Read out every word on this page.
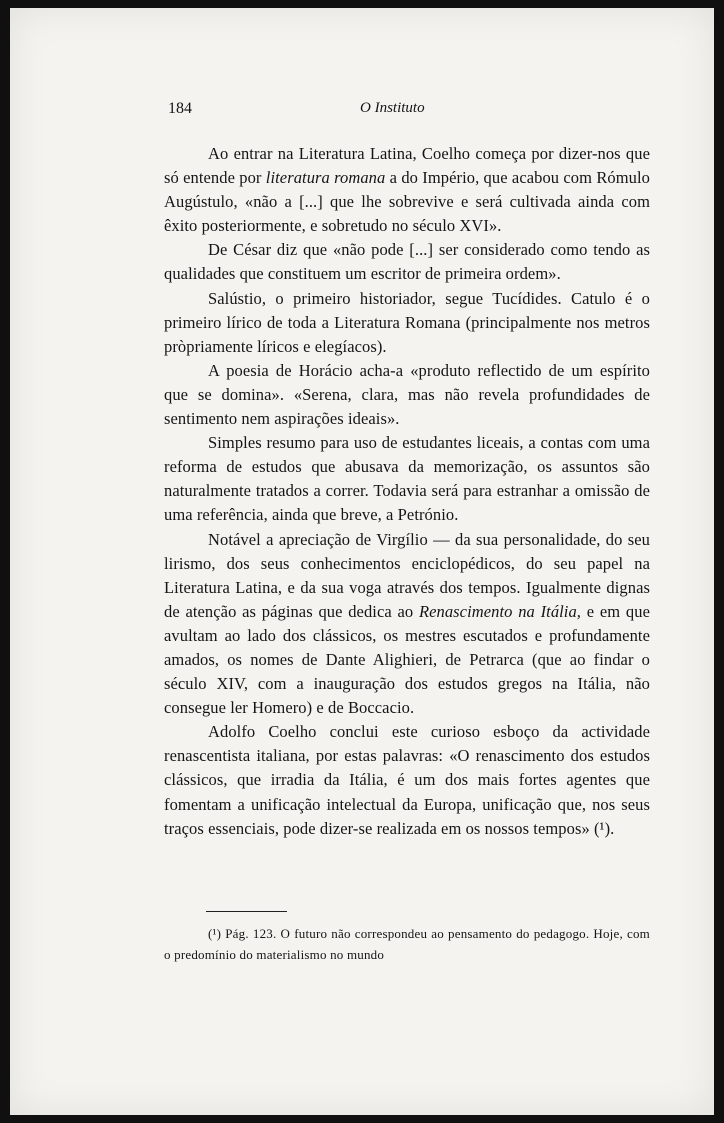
184	O Instituto

Ao entrar na Literatura Latina, Coelho começa por dizer-nos que só entende por literatura romana a do Império, que acabou com Rómulo Augústulo, «não a [...] que lhe sobrevive e será cultivada ainda com êxito posteriormente, e sobretudo no século XVI».

De César diz que «não pode [...] ser considerado como tendo as qualidades que constituem um escritor de primeira ordem».

Salústio, o primeiro historiador, segue Tucídides. Catulo é o primeiro lírico de toda a Literatura Romana (principalmente nos metros pròpriamente líricos e elegíacos).

A poesia de Horácio acha-a «produto reflectido de um espírito que se domina». «Serena, clara, mas não revela profundidades de sentimento nem aspirações ideais».

Simples resumo para uso de estudantes liceais, a contas com uma reforma de estudos que abusava da memorização, os assuntos são naturalmente tratados a correr. Todavia será para estranhar a omissão de uma referência, ainda que breve, a Petrónio.

Notável a apreciação de Virgílio — da sua personalidade, do seu lirismo, dos seus conhecimentos enciclopédicos, do seu papel na Literatura Latina, e da sua voga através dos tempos. Igualmente dignas de atenção as páginas que dedica ao Renascimento na Itália, e em que avultam ao lado dos clássicos, os mestres escutados e profundamente amados, os nomes de Dante Alighieri, de Petrarca (que ao findar o século XIV, com a inauguração dos estudos gregos na Itália, não consegue ler Homero) e de Boccacio.

Adolfo Coelho conclui este curioso esboço da actividade renascentista italiana, por estas palavras: «O renascimento dos estudos clássicos, que irradia da Itália, é um dos mais fortes agentes que fomentam a unificação intelectual da Europa, unificação que, nos seus traços essenciais, pode dizer-se realizada em os nossos tempos» (¹).

(¹) Pág. 123. O futuro não correspondeu ao pensamento do pedagogo. Hoje, com o predomínio do materialismo no mundo
